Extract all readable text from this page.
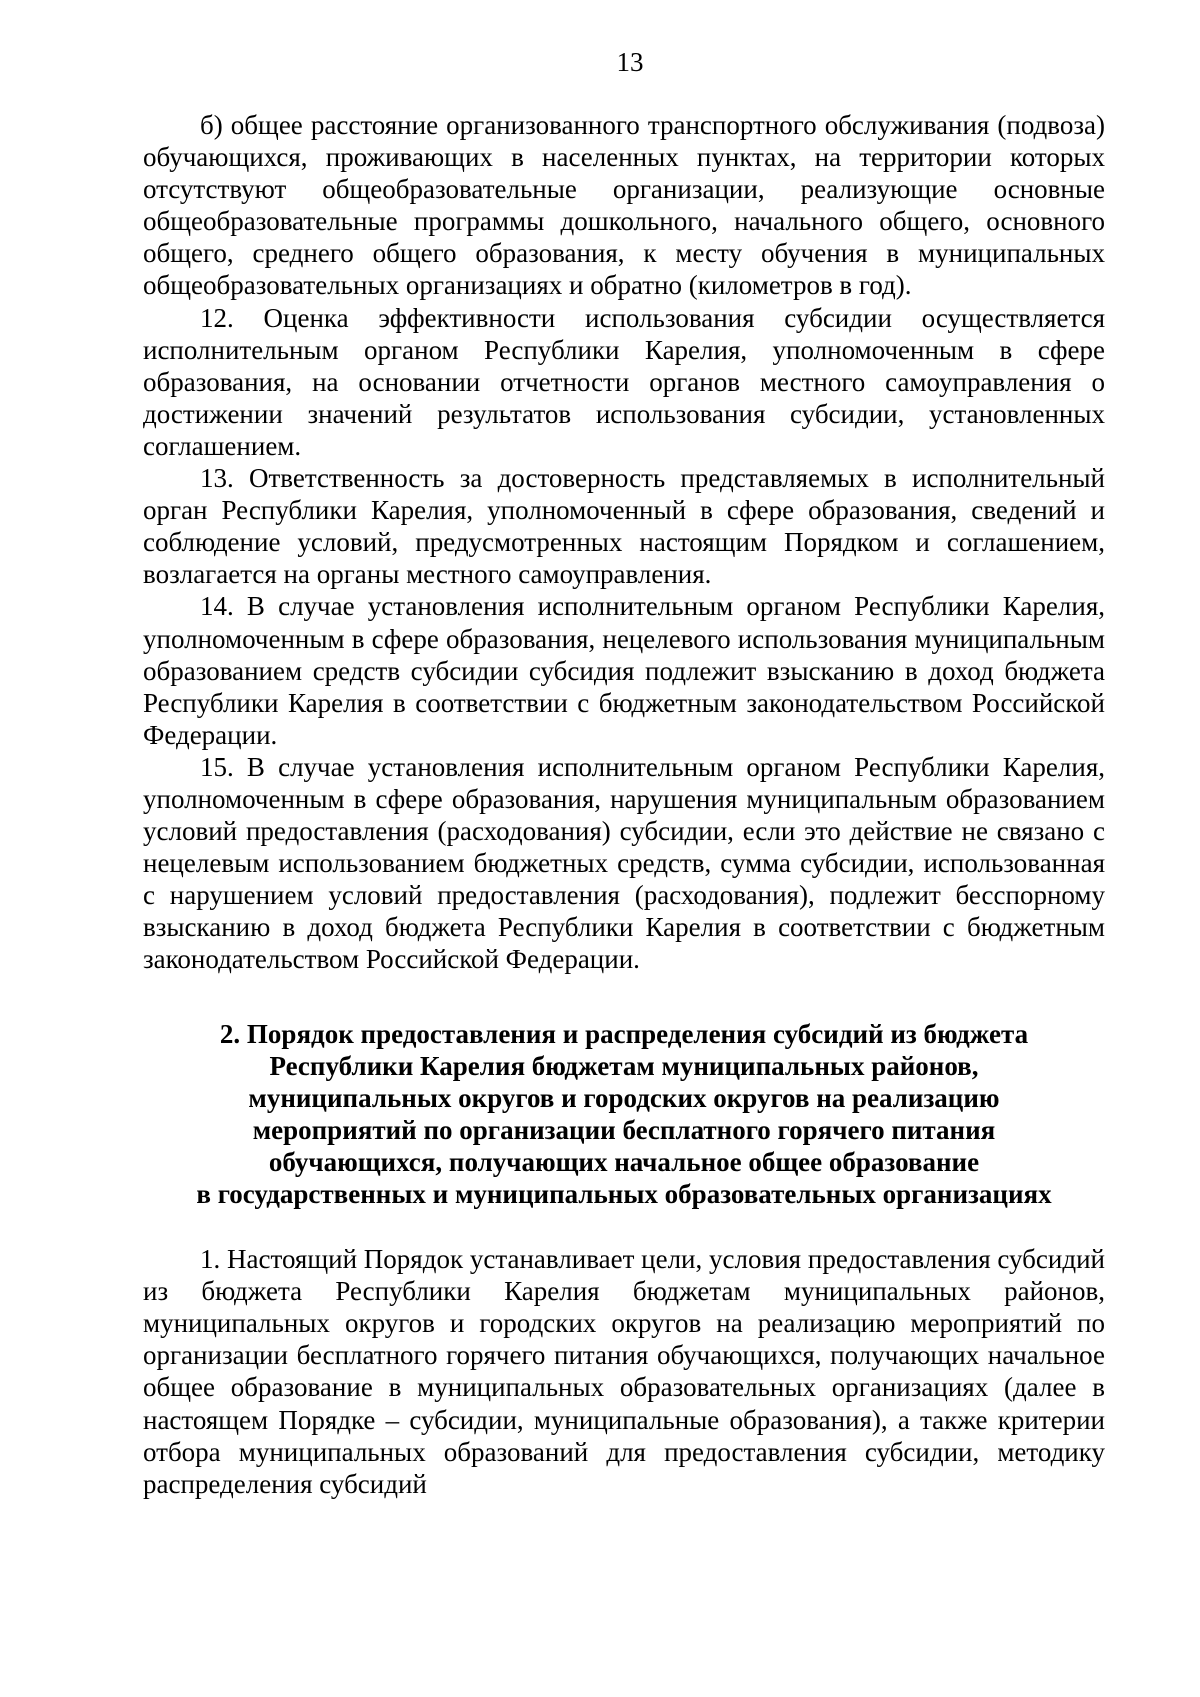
13

б) общее расстояние организованного транспортного обслуживания (подвоза) обучающихся, проживающих в населенных пунктах, на территории которых отсутствуют общеобразовательные организации, реализующие основные общеобразовательные программы дошкольного, начального общего, основного общего, среднего общего образования, к месту обучения в муниципальных общеобразовательных организациях и обратно (километров в год).

12. Оценка эффективности использования субсидии осуществляется исполнительным органом Республики Карелия, уполномоченным в сфере образования, на основании отчетности органов местного самоуправления о достижении значений результатов использования субсидии, установленных соглашением.

13. Ответственность за достоверность представляемых в исполнительный орган Республики Карелия, уполномоченный в сфере образования, сведений и соблюдение условий, предусмотренных настоящим Порядком и соглашением, возлагается на органы местного самоуправления.

14. В случае установления исполнительным органом Республики Карелия, уполномоченным в сфере образования, нецелевого использования муниципальным образованием средств субсидии субсидия подлежит взысканию в доход бюджета Республики Карелия в соответствии с бюджетным законодательством Российской Федерации.

15. В случае установления исполнительным органом Республики Карелия, уполномоченным в сфере образования, нарушения муниципальным образованием условий предоставления (расходования) субсидии, если это действие не связано с нецелевым использованием бюджетных средств, сумма субсидии, использованная с нарушением условий предоставления (расходования), подлежит бесспорному взысканию в доход бюджета Республики Карелия в соответствии с бюджетным законодательством Российской Федерации.

2. Порядок предоставления и распределения субсидий из бюджета
Республики Карелия бюджетам муниципальных районов,
муниципальных округов и городских округов на реализацию
мероприятий по организации бесплатного горячего питания
обучающихся, получающих начальное общее образование
в государственных и муниципальных образовательных организациях

1. Настоящий Порядок устанавливает цели, условия предоставления субсидий из бюджета Республики Карелия бюджетам муниципальных районов, муниципальных округов и городских округов на реализацию мероприятий по организации бесплатного горячего питания обучающихся, получающих начальное общее образование в муниципальных образовательных организациях (далее в настоящем Порядке – субсидии, муниципальные образования), а также критерии отбора муниципальных образований для предоставления субсидии, методику распределения субсидий
